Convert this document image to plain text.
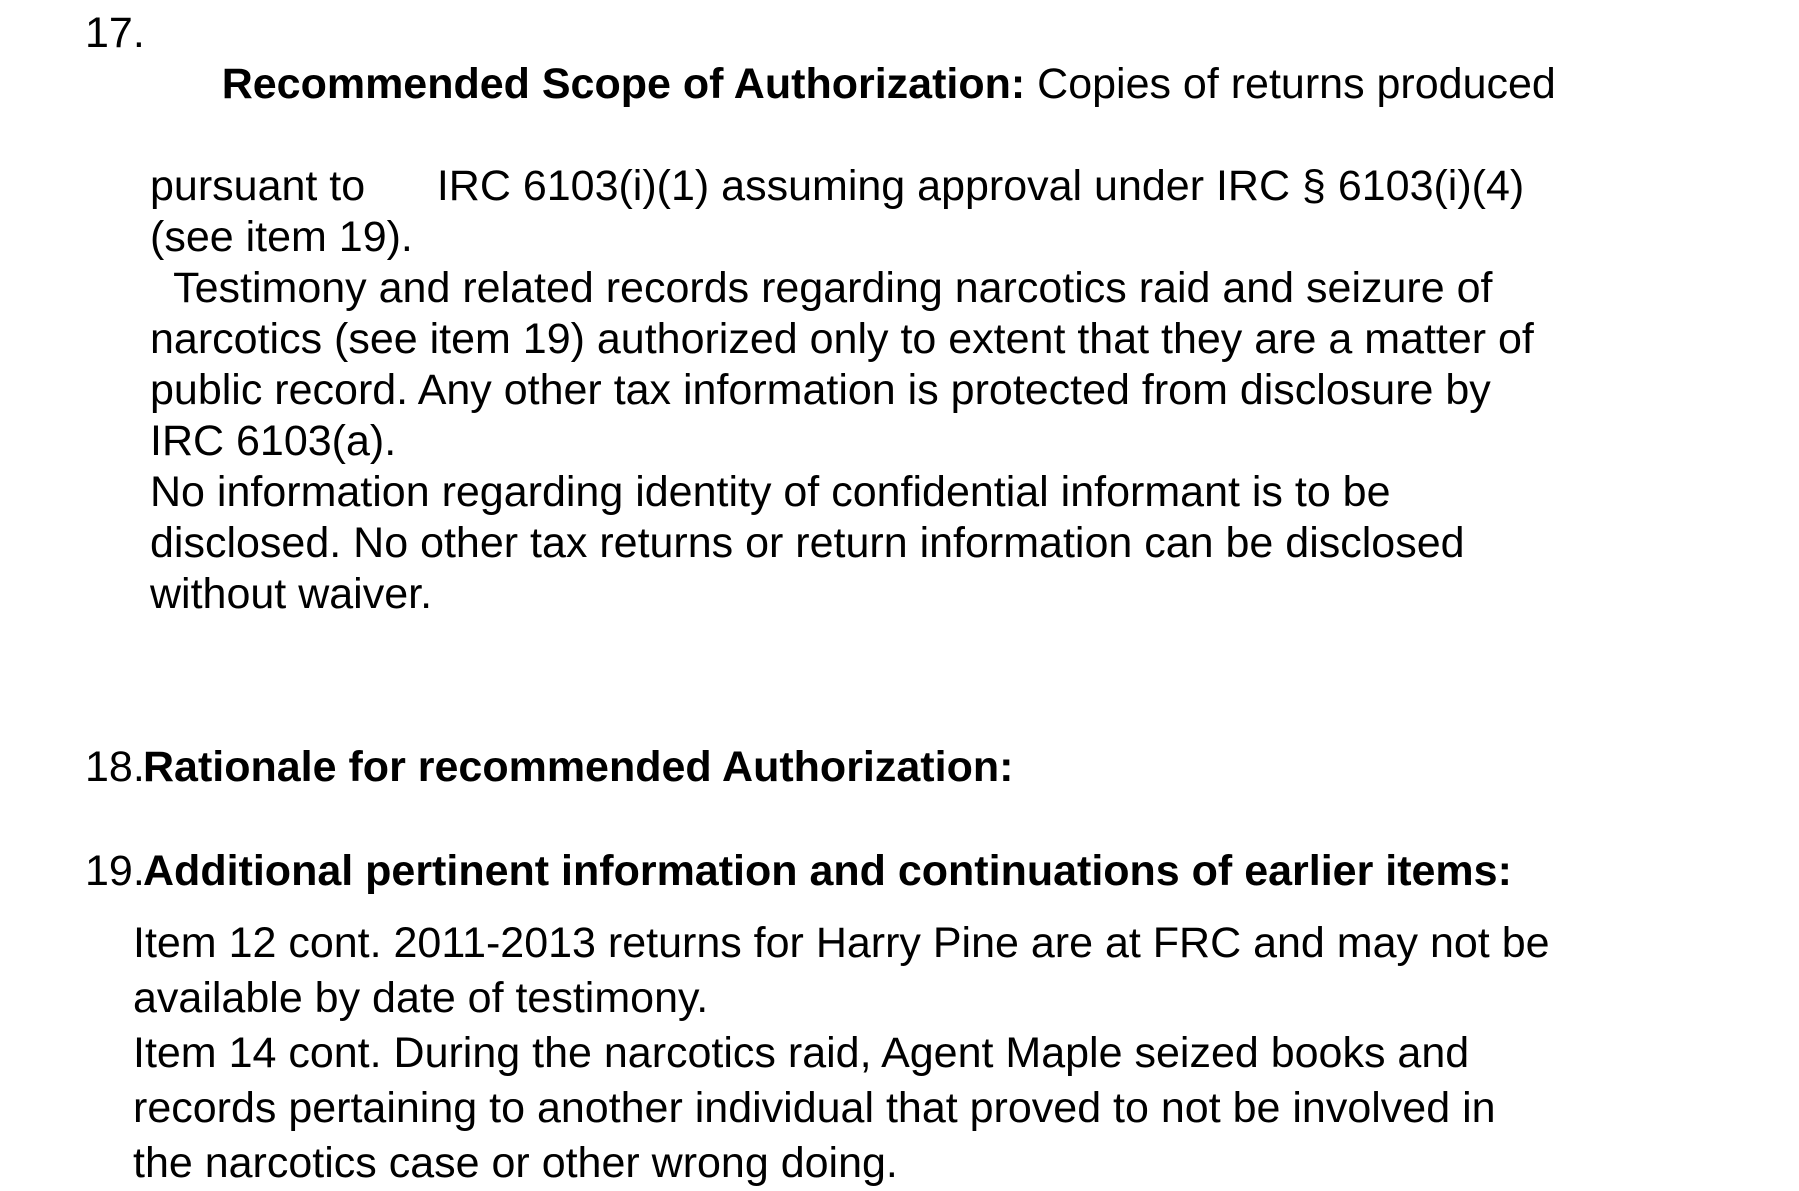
17.

Recommended Scope of Authorization: Copies of returns produced

pursuant to      IRC 6103(i)(1) assuming approval under IRC § 6103(i)(4)
(see item 19).
Testimony and related records regarding narcotics raid and seizure of
narcotics (see item 19) authorized only to extent that they are a matter of
public record. Any other tax information is protected from disclosure by
IRC 6103(a).
No information regarding identity of confidential informant is to be
disclosed. No other tax returns or return information can be disclosed
without waiver.
18.
Rationale for recommended Authorization:
19.
Additional pertinent information and continuations of earlier items:
Item 12 cont. 2011-2013 returns for Harry Pine are at FRC and may not be
available by date of testimony.
Item 14 cont. During the narcotics raid, Agent Maple seized books and
records pertaining to another individual that proved to not be involved in
the narcotics case or other wrong doing.
